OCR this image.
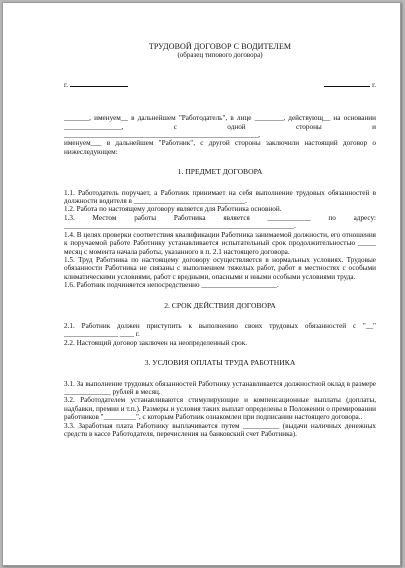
ТРУДОВОЙ ДОГОВОР С ВОДИТЕЛЕМ

(образец типового договора)

г.	г.

_______, именуем__ в дальнейшем "Работодатель", в лице ________, действующ__ на основании ________________, с одной стороны и ______________________________________________________,

именуем___ в дальнейшем "Работник", с другой стороны заключили настоящий договор о нижеследующем:

1. ПРЕДМЕТ ДОГОВОРА

1.1. Работодатель поручает, а Работник принимает на себя выполнение трудовых обязанностей в должности водителя в _______________________________.

1.2. Работа по настоящему договору является для Работника основной.

1.3. Местом работы Работника является ____________ по адресу: ________________________________________________________________.

1.4. В целях проверки соответствия квалификации Работника занимаемой должности, его отношения к поручаемой работе Работнику устанавливается испытательный срок продолжительностью _____ месяц с момента начала работы, указанного в п. 2.1 настоящего договора.

1.5. Труд Работника по настоящему договору осуществляется в нормальных условиях. Трудовые обязанности Работника не связаны с выполнением тяжелых работ, работ в местностях с особыми климатическими условиями, работ с вредными, опасными и иными особыми условиями труда.

1.6. Работник подчиняется непосредственно _____________________.

2. СРОК ДЕЙСТВИЯ ДОГОВОРА

2.1. Работник должен приступить к выполнению своих трудовых обязанностей с "__" _______________ ____ г.

2.2. Настоящий договор заключен на неопределенный срок.

3. УСЛОВИЯ ОПЛАТЫ ТРУДА РАБОТНИКА

3.1. За выполнение трудовых обязанностей Работнику устанавливается должностной оклад в размере _____________ рублей в месяц.

3.2. Работодателем устанавливаются стимулирующие и компенсационные выплаты (доплаты, надбавки, премии и т.п.). Размеры и условия таких выплат определены в Положении о премировании работников "_________", с которым Работник ознакомлен при подписании настоящего договора..

3.3. Заработная плата Работнику выплачивается путем __________ (выдачи наличных денежных средств в кассе Работодателя, перечисления на банковский счет Работника).
